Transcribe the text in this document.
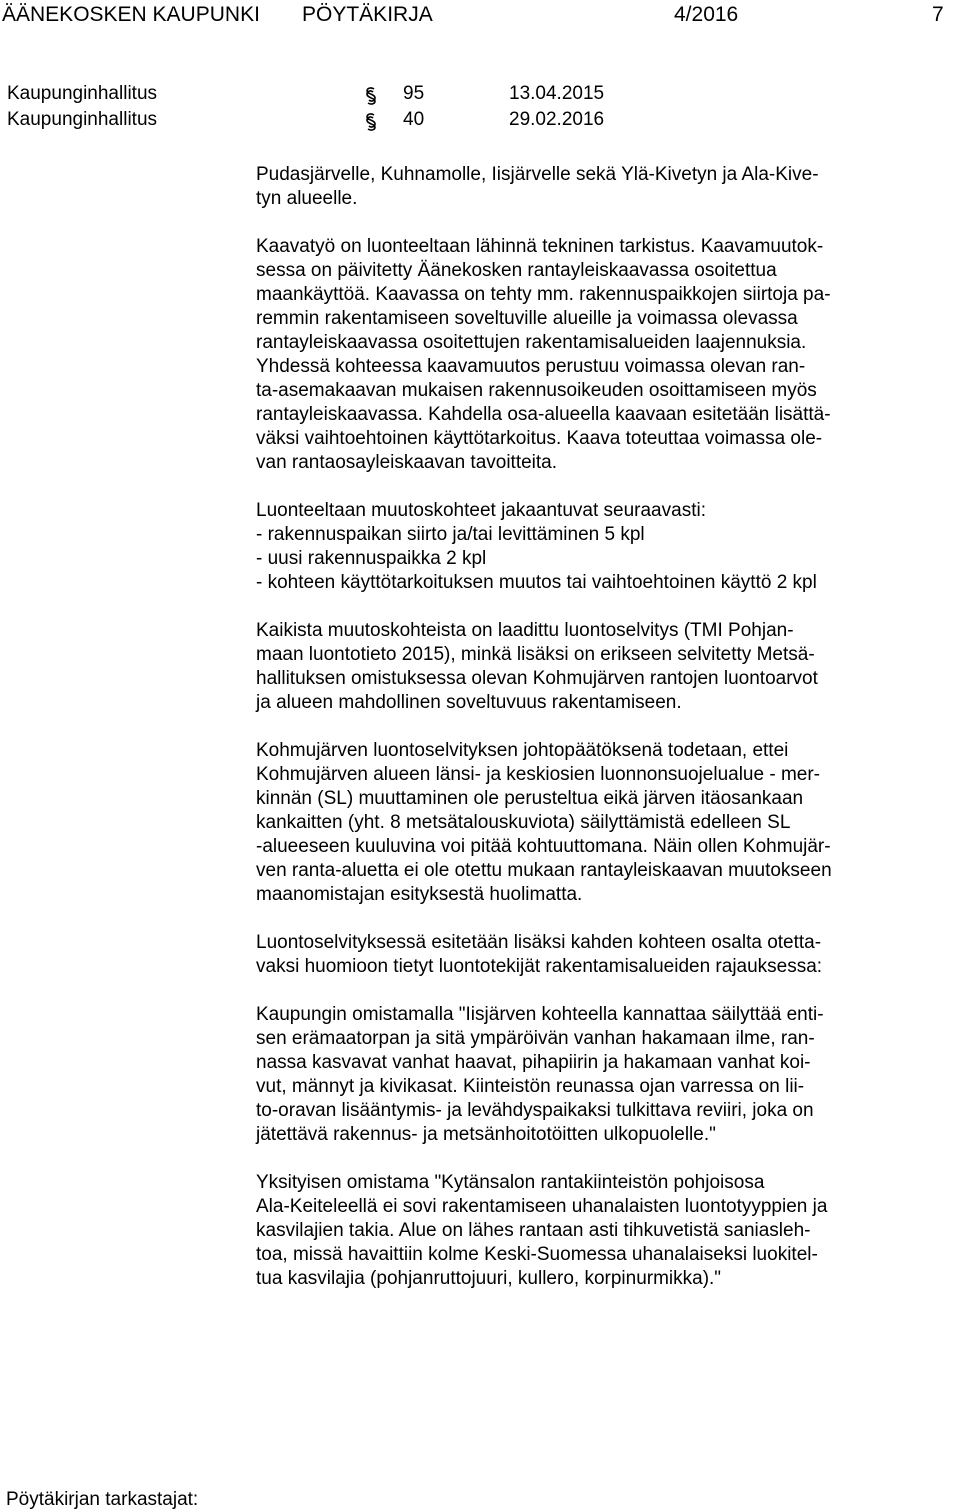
ÄÄNEKOSKEN KAUPUNKI PÖYTÄKIRJA	4/2016	7
Kaupunginhallitus	95	13.04.2015
Kaupunginhallitus	40	29.02.2016
Pudasjärvelle, Kuhnamolle, Iisjärvelle sekä Ylä-Kivetyn ja Ala-Kive-
tyn alueelle.
Kaavatyö on luonteeltaan lähinnä tekninen tarkistus. Kaavamuutok-
sessa on päivitetty Äänekosken rantayleiskaavassa osoitettua
maankäyttöä. Kaavassa on tehty mm. rakennuspaikkojen siirtoja pa-
remmin rakentamiseen soveltuville alueille ja voimassa olevassa
rantayleiskaavassa osoitettujen rakentamisalueiden laajennuksia.
Yhdessä kohteessa kaavamuutos perustuu voimassa olevan ran-
ta-asemakaavan mukaisen rakennusoikeuden osoittamiseen myös
rantayleiskaavassa. Kahdella osa-alueella kaavaan esitetään lisättä-
väksi vaihtoehtoinen käyttötarkoitus. Kaava toteuttaa voimassa ole-
van rantaosayleiskaavan tavoitteita.
Luonteeltaan muutoskohteet jakaantuvat seuraavasti:
- rakennuspaikan siirto ja/tai levittäminen 5 kpl
- uusi rakennuspaikka 2 kpl
- kohteen käyttötarkoituksen muutos tai vaihtoehtoinen käyttö 2 kpl
Kaikista muutoskohteista on laadittu luontoselvitys (TMI Pohjan-
maan luontotieto 2015), minkä lisäksi on erikseen selvitetty Metsä-
hallituksen omistuksessa olevan Kohmujärven rantojen luontoarvot
ja alueen mahdollinen soveltuvuus rakentamiseen.
Kohmujärven luontoselvityksen johtopäätöksenä todetaan, ettei
Kohmujärven alueen länsi- ja keskiosien luonnonsuojelualue - mer-
kinnän (SL) muuttaminen ole perusteltua eikä järven itäosankaan
kankaitten (yht. 8 metsätalouskuviota) säilyttämistä edelleen SL
-alueeseen kuuluvina voi pitää kohtuuttomana. Näin ollen Kohmujär-
ven ranta-aluetta ei ole otettu mukaan rantayleiskaavan muutokseen
maanomistajan esityksestä huolimatta.
Luontoselvityksessä esitetään lisäksi kahden kohteen osalta otetta-
vaksi huomioon tietyt luontotekijät rakentamisalueiden rajauksessa:
Kaupungin omistamalla "Iisjärven kohteella kannattaa säilyttää enti-
sen erämaatorpan ja sitä ympäröivän vanhan hakamaan ilme, ran-
nassa kasvavat vanhat haavat, pihapiirin ja hakamaan vanhat koi-
vut, männyt ja kivikasat. Kiinteistön reunassa ojan varressa on lii-
to-oravan lisääntymis- ja levähdyspaikaksi tulkittava reviiri, joka on
jätettävä rakennus- ja metsänhoitotöitten ulkopuolelle."
Yksityisen omistama "Kytänsalon rantakiinteistön pohjoisosa
Ala-Keiteleellä ei sovi rakentamiseen uhanalaisten luontotyyppien ja
kasvilajien takia. Alue on lähes rantaan asti tihkuvetistä saniasleh-
toa, missä havaittiin kolme Keski-Suomessa uhanalaiseksi luokitel-
tua kasvilajia (pohjanruttojuuri, kullero, korpinurmikka)."
Pöytäkirjan tarkastajat:
